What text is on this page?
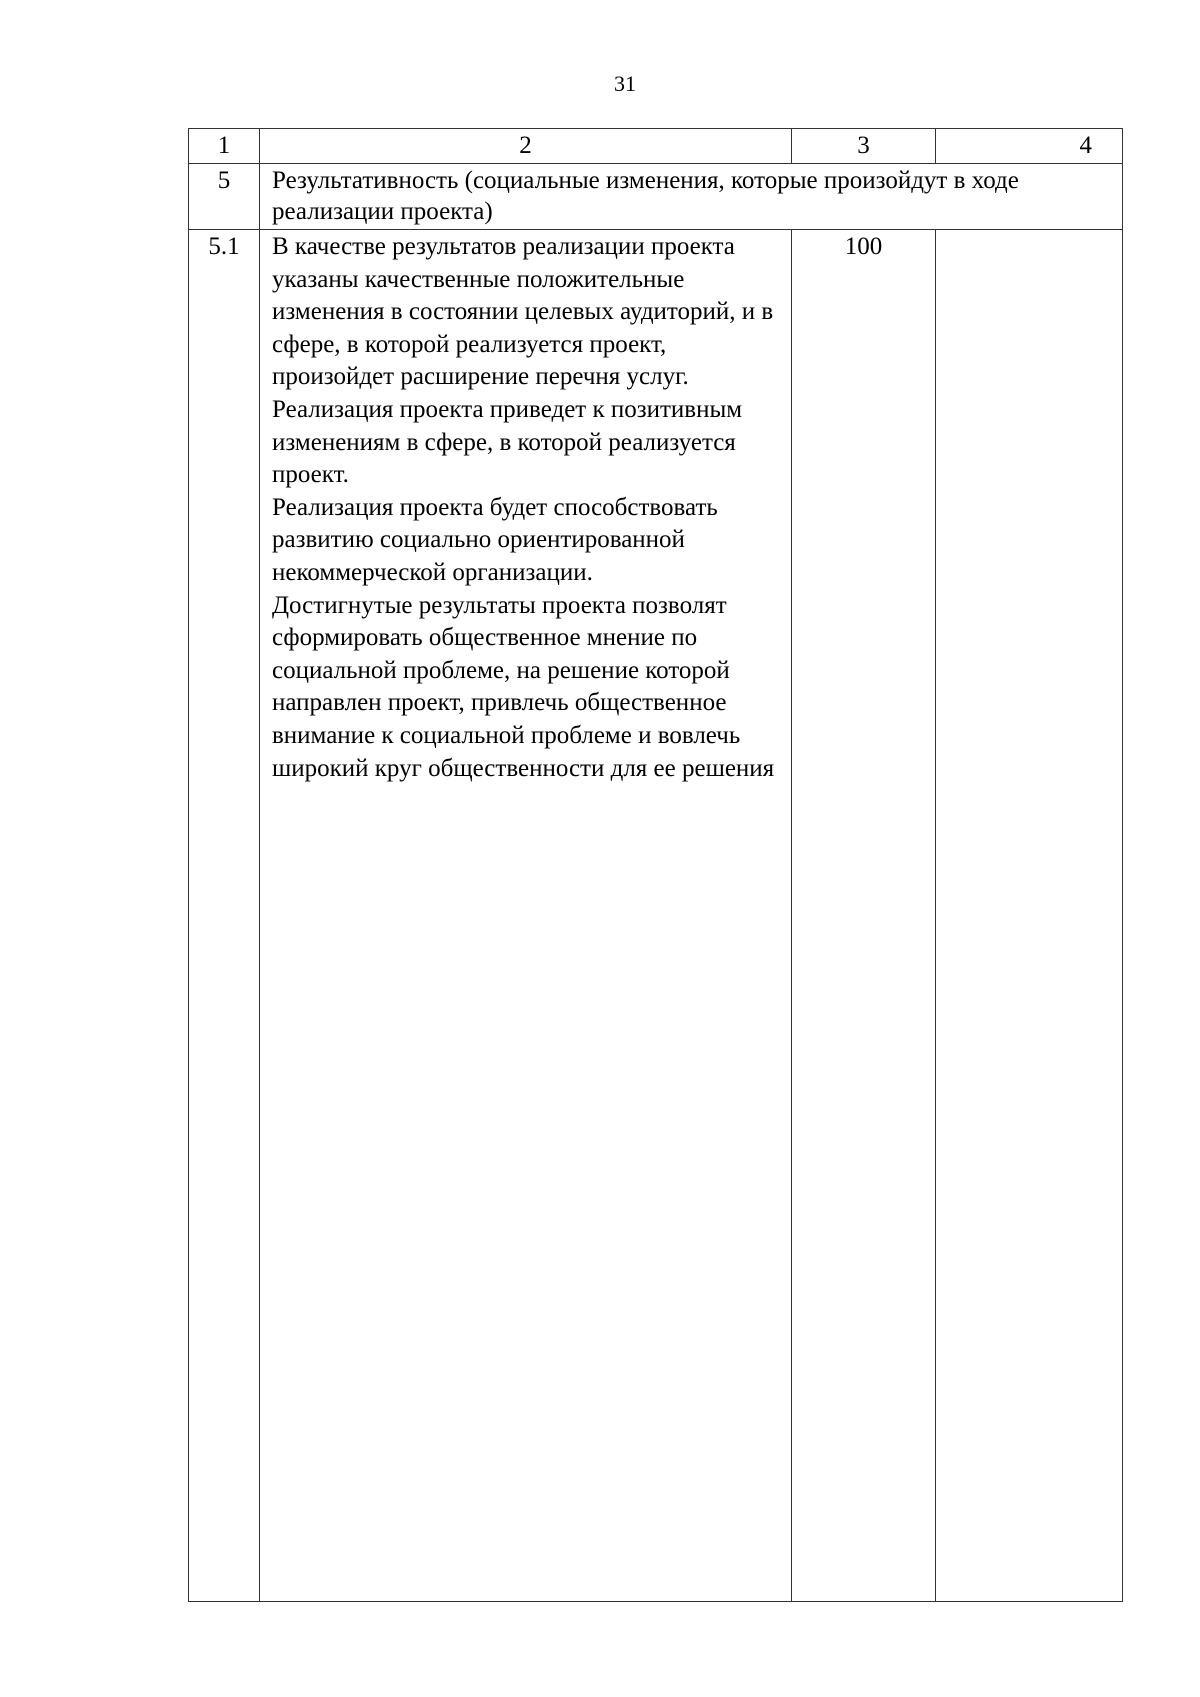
31
1	2	3	4
5	Результативность (социальные изменения, которые произойдут в ходе реализации проекта)		
5.1	В качестве результатов реализации проекта указаны качественные положительные изменения в состоянии целевых аудиторий, и в сфере, в которой реализуется проект, произойдет расширение перечня услуг.
Реализация проекта приведет к позитивным изменениям в сфере, в которой реализуется проект.
Реализация проекта будет способствовать развитию социально ориентированной некоммерческой организации.
Достигнутые результаты проекта позволят сформировать общественное мнение по социальной проблеме, на решение которой направлен проект, привлечь общественное внимание к социальной проблеме и вовлечь широкий круг общественности для ее решения	100	
